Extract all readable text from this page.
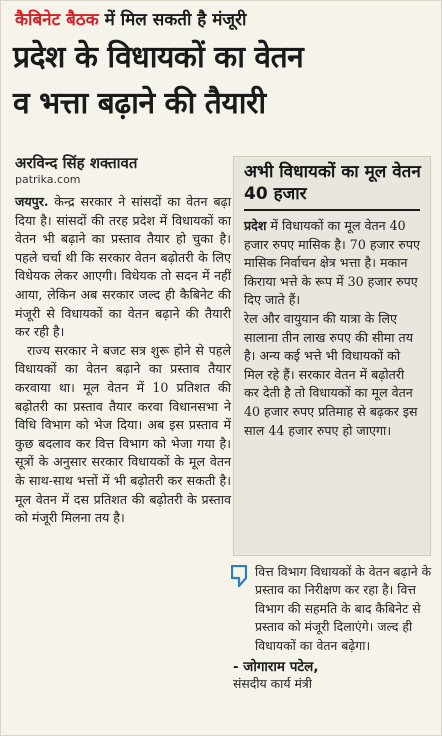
कैबिनेट बैठक में मिल सकती है मंजूरी
प्रदेश के विधायकों का वेतन
व भत्ता बढ़ाने की तैयारी
अरविन्द सिंह शक्तावत
patrika.com

जयपुर. केन्द्र सरकार ने सांसदों का वेतन बढ़ा दिया है। सांसदों की तरह प्रदेश में विधायकों का वेतन भी बढ़ाने का प्रस्ताव तैयार हो चुका है। पहले चर्चा थी कि सरकार वेतन बढ़ोतरी के लिए विधेयक लेकर आएगी। विधेयक तो सदन में नहीं आया, लेकिन अब सरकार जल्द ही कैबिनेट की मंजूरी से विधायकों का वेतन बढ़ाने की तैयारी कर रही है।

राज्य सरकार ने बजट सत्र शुरू होने से पहले विधायकों का वेतन बढ़ाने का प्रस्ताव तैयार करवाया था। मूल वेतन में 10 प्रतिशत की बढ़ोतरी का प्रस्ताव तैयार करवा विधानसभा ने विधि विभाग को भेज दिया। अब इस प्रस्ताव में कुछ बदलाव कर वित्त विभाग को भेजा गया है। सूत्रों के अनुसार सरकार विधायकों के मूल वेतन के साथ-साथ भत्तों में भी बढ़ोतरी कर सकती है। मूल वेतन में दस प्रतिशत की बढ़ोतरी के प्रस्ताव को मंजूरी मिलना तय है।

अभी विधायकों का मूल वेतन 40 हजार

प्रदेश में विधायकों का मूल वेतन 40 हजार रुपए मासिक है। 70 हजार रुपए मासिक निर्वाचन क्षेत्र भत्ता है। मकान किराया भत्ते के रूप में 30 हजार रुपए दिए जाते हैं।

रेल और वायुयान की यात्रा के लिए सालाना तीन लाख रुपए की सीमा तय है। अन्य कई भत्ते भी विधायकों को मिल रहे हैं। सरकार वेतन में बढ़ोतरी कर देती है तो विधायकों का मूल वेतन 40 हजार रुपए प्रतिमाह से बढ़कर इस साल 44 हजार रुपए हो जाएगा।

वित्त विभाग विधायकों के वेतन बढ़ाने के प्रस्ताव का निरीक्षण कर रहा है। वित्त विभाग की सहमति के बाद कैबिनेट से प्रस्ताव को मंजूरी दिलाएंगे। जल्द ही विधायकों का वेतन बढ़ेगा।

- जोगाराम पटेल,
संसदीय कार्य मंत्री
